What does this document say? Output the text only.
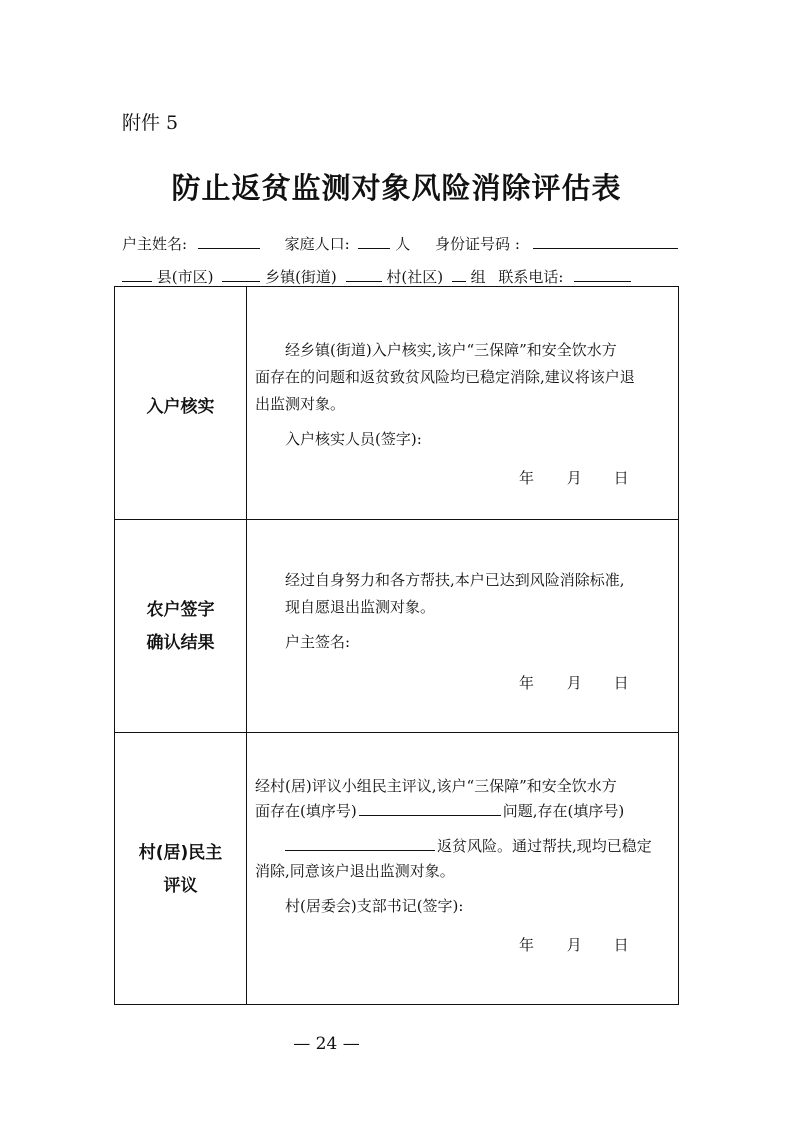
附件 5
防止返贫监测对象风险消除评估表
户主姓名:	家庭人口:	人 身份证号码 :
县(市区)	乡镇(街道)	村(社区) 组 联系电话:
入户核实
经乡镇(街道)入户核实,该户“三保障”和安全饮水方
面存在的问题和返贫致贫风险均已稳定消除,建议将该户退
出监测对象。
入户核实人员(签字):
年 月 日
农户签字
确认结果
经过自身努力和各方帮扶,本户已达到风险消除标准,
现自愿退出监测对象。
户主签名:
年 月 日
村(居)民主
评议
经村(居)评议小组民主评议,该户“三保障”和安全饮水方
面存在(填序号)	问题,存在(填序号)
返贫风险。通过帮扶,现均已稳定
消除,同意该户退出监测对象。
村(居委会)支部书记(签字):
年 月 日
— 24 —
